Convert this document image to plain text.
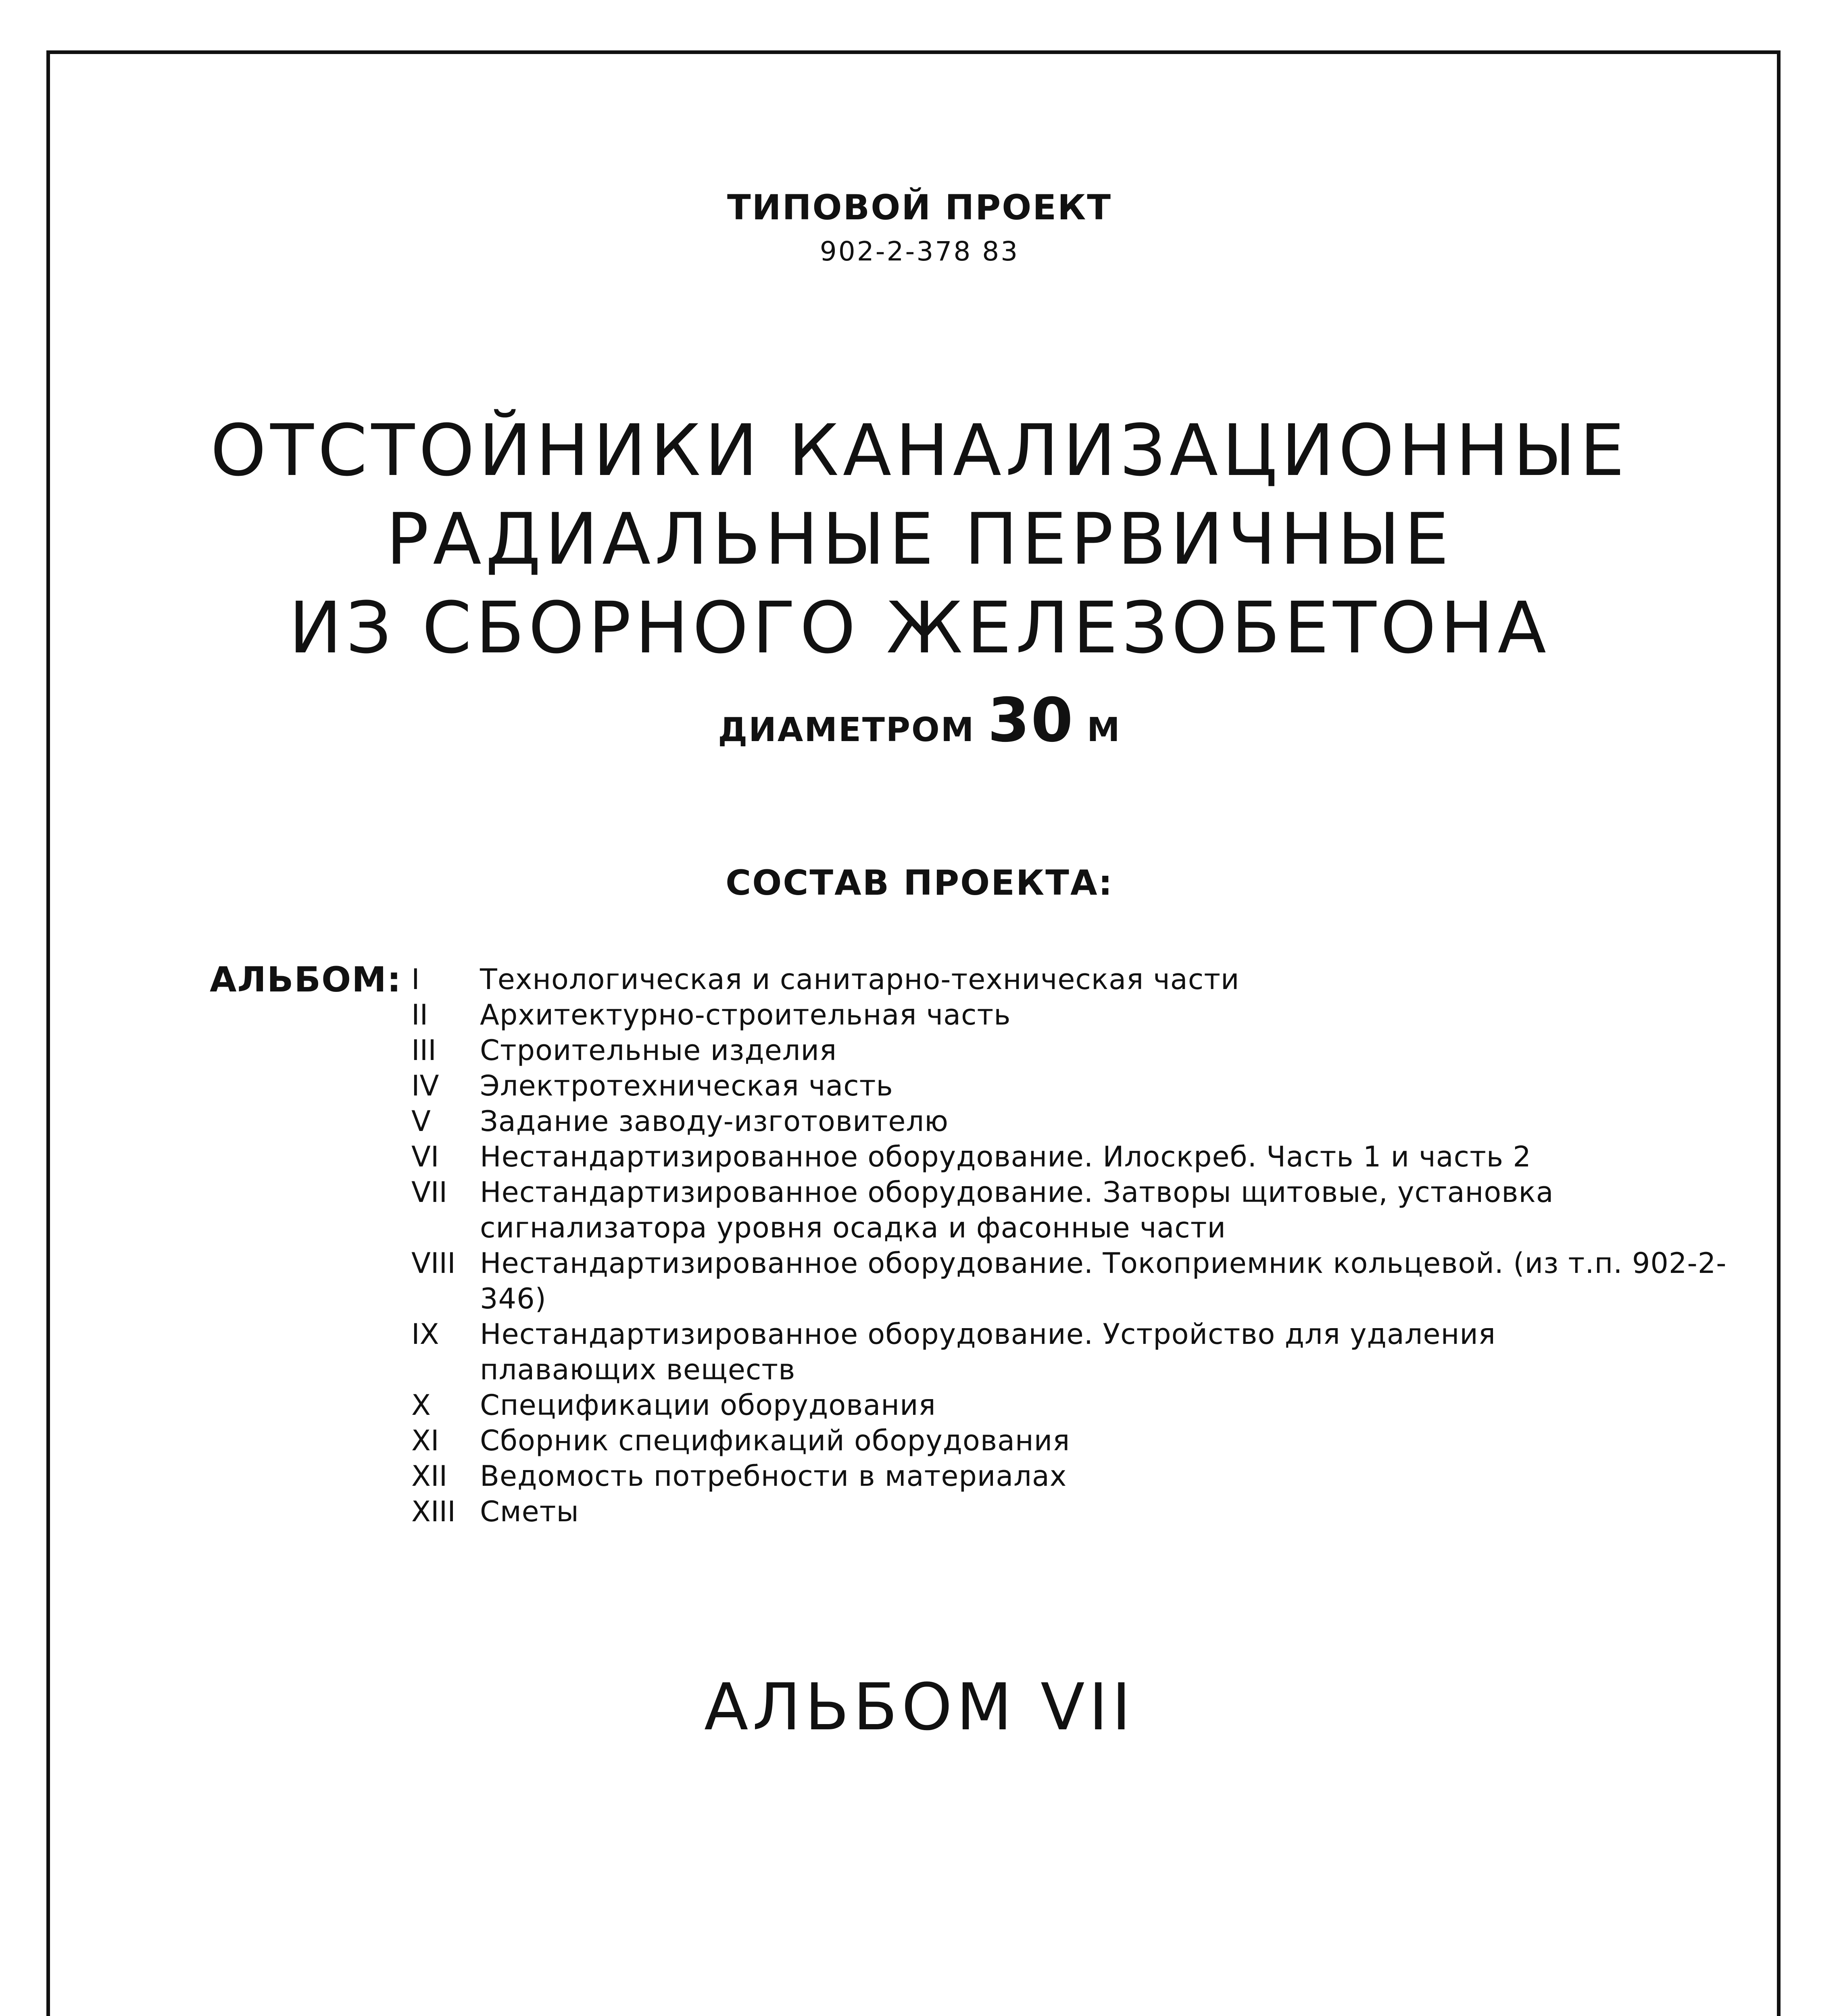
ТИПОВОЙ ПРОЕКТ
902-2-378 83
ОТСТОЙНИКИ КАНАЛИЗАЦИОННЫЕ
РАДИАЛЬНЫЕ ПЕРВИЧНЫЕ
ИЗ СБОРНОГО ЖЕЛЕЗОБЕТОНА
ДИАМЕТРОМ 30 М
СОСТАВ ПРОЕКТА:
АЛЬБОМ: I	Технологическая и санитарно-техническая части
II	Архитектурно-строительная часть
III	Строительные изделия
IV	Электротехническая часть
V	Задание заводу-изготовителю
VI	Нестандартизированное оборудование. Илоскреб. Часть 1 и часть 2
VII	Нестандартизированное оборудование. Затворы щитовые, установка
сигнализатора уровня осадка и фасонные части
VIII Нестандартизированное оборудование. Токоприемник кольцевой. (из т.п. 902-2-346)
IX	Нестандартизированное оборудование. Устройство для удаления
плавающих веществ
X	Спецификации оборудования
XI	Сборник спецификаций оборудования
XII	Ведомость потребности в материалах
XIII Сметы
АЛЬБОМ VII
